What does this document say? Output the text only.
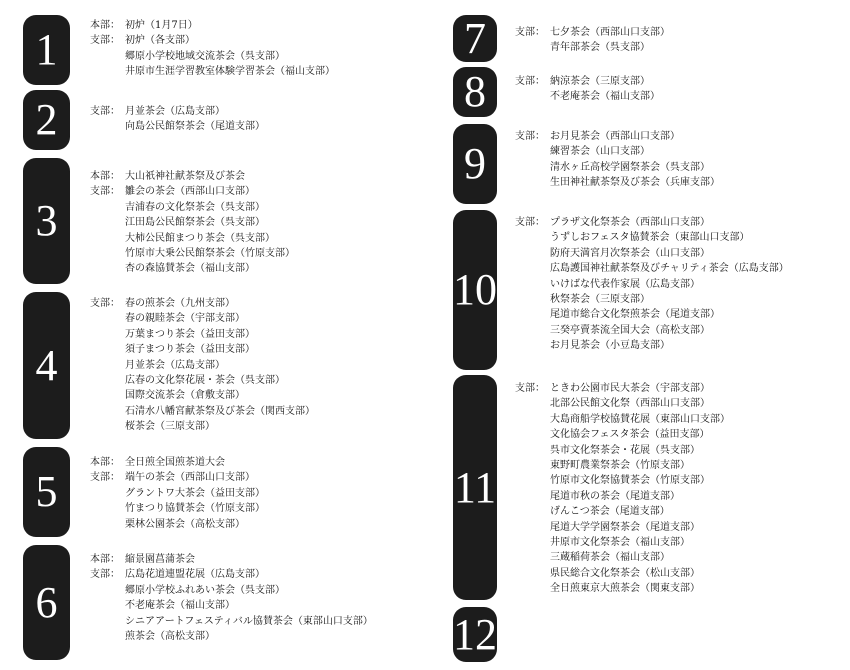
1	本部： 初炉（1月7日）
支部： 初炉（各支部）
郷原小学校地域交流茶会（呉支部）
井原市生涯学習教室体験学習茶会（福山支部）
2	支部： 月並茶会（広島支部）
向島公民館祭茶会（尾道支部）
3
本部： 大山祇神社献茶祭及び茶会
支部： 雛会の茶会（西部山口支部）
吉浦春の文化祭茶会（呉支部）
江田島公民館祭茶会（呉支部）
大柿公民館まつり茶会（呉支部）
竹原市大乗公民館祭茶会（竹原支部）
杏の森協賛茶会（福山支部）
4
支部： 春の煎茶会（九州支部）
春の親睦茶会（宇部支部）
万葉まつり茶会（益田支部）
須子まつり茶会（益田支部）
月並茶会（広島支部）
広春の文化祭花展・茶会（呉支部）
国際交流茶会（倉敷支部）
石清水八幡宮献茶祭及び茶会（関西支部）
桜茶会（三原支部）
5
本部： 全日煎全国煎茶道大会
支部： 端午の茶会（西部山口支部）
グラントワ大茶会（益田支部）
竹まつり協賛茶会（竹原支部）
栗林公園茶会（高松支部）
6
本部： 縮景園菖蒲茶会
支部： 広島花道連盟花展（広島支部）
郷原小学校ふれあい茶会（呉支部）
不老庵茶会（福山支部）
シニアアートフェスティバル協賛茶会（東部山口支部）
煎茶会（高松支部）
7	支部： 七夕茶会（西部山口支部）
青年部茶会（呉支部）
8	支部： 納涼茶会（三原支部）
不老庵茶会（福山支部）
9
支部： お月見茶会（西部山口支部）
練習茶会（山口支部）
清水ヶ丘高校学園祭茶会（呉支部）
生田神社献茶祭及び茶会（兵庫支部）
10
支部： プラザ文化祭茶会（西部山口支部）
うずしおフェスタ協賛茶会（東部山口支部）
防府天満宮月次祭茶会（山口支部）
広島護国神社献茶祭及びチャリティ茶会（広島支部）
いけばな代表作家展（広島支部）
秋祭茶会（三原支部）
尾道市総合文化祭煎茶会（尾道支部）
三癸亭賣茶流全国大会（高松支部）
お月見茶会（小豆島支部）
11
支部： ときわ公園市民大茶会（宇部支部）
北部公民館文化祭（西部山口支部）
大島商船学校協賛花展（東部山口支部）
文化協会フェスタ茶会（益田支部）
呉市文化祭茶会・花展（呉支部）
東野町農業祭茶会（竹原支部）
竹原市文化祭協賛茶会（竹原支部）
尾道市秋の茶会（尾道支部）
げんこつ茶会（尾道支部）
尾道大学学園祭茶会（尾道支部）
井原市文化祭茶会（福山支部）
三蔵稲荷茶会（福山支部）
県民総合文化祭茶会（松山支部）
全日煎東京大煎茶会（関東支部）
12
